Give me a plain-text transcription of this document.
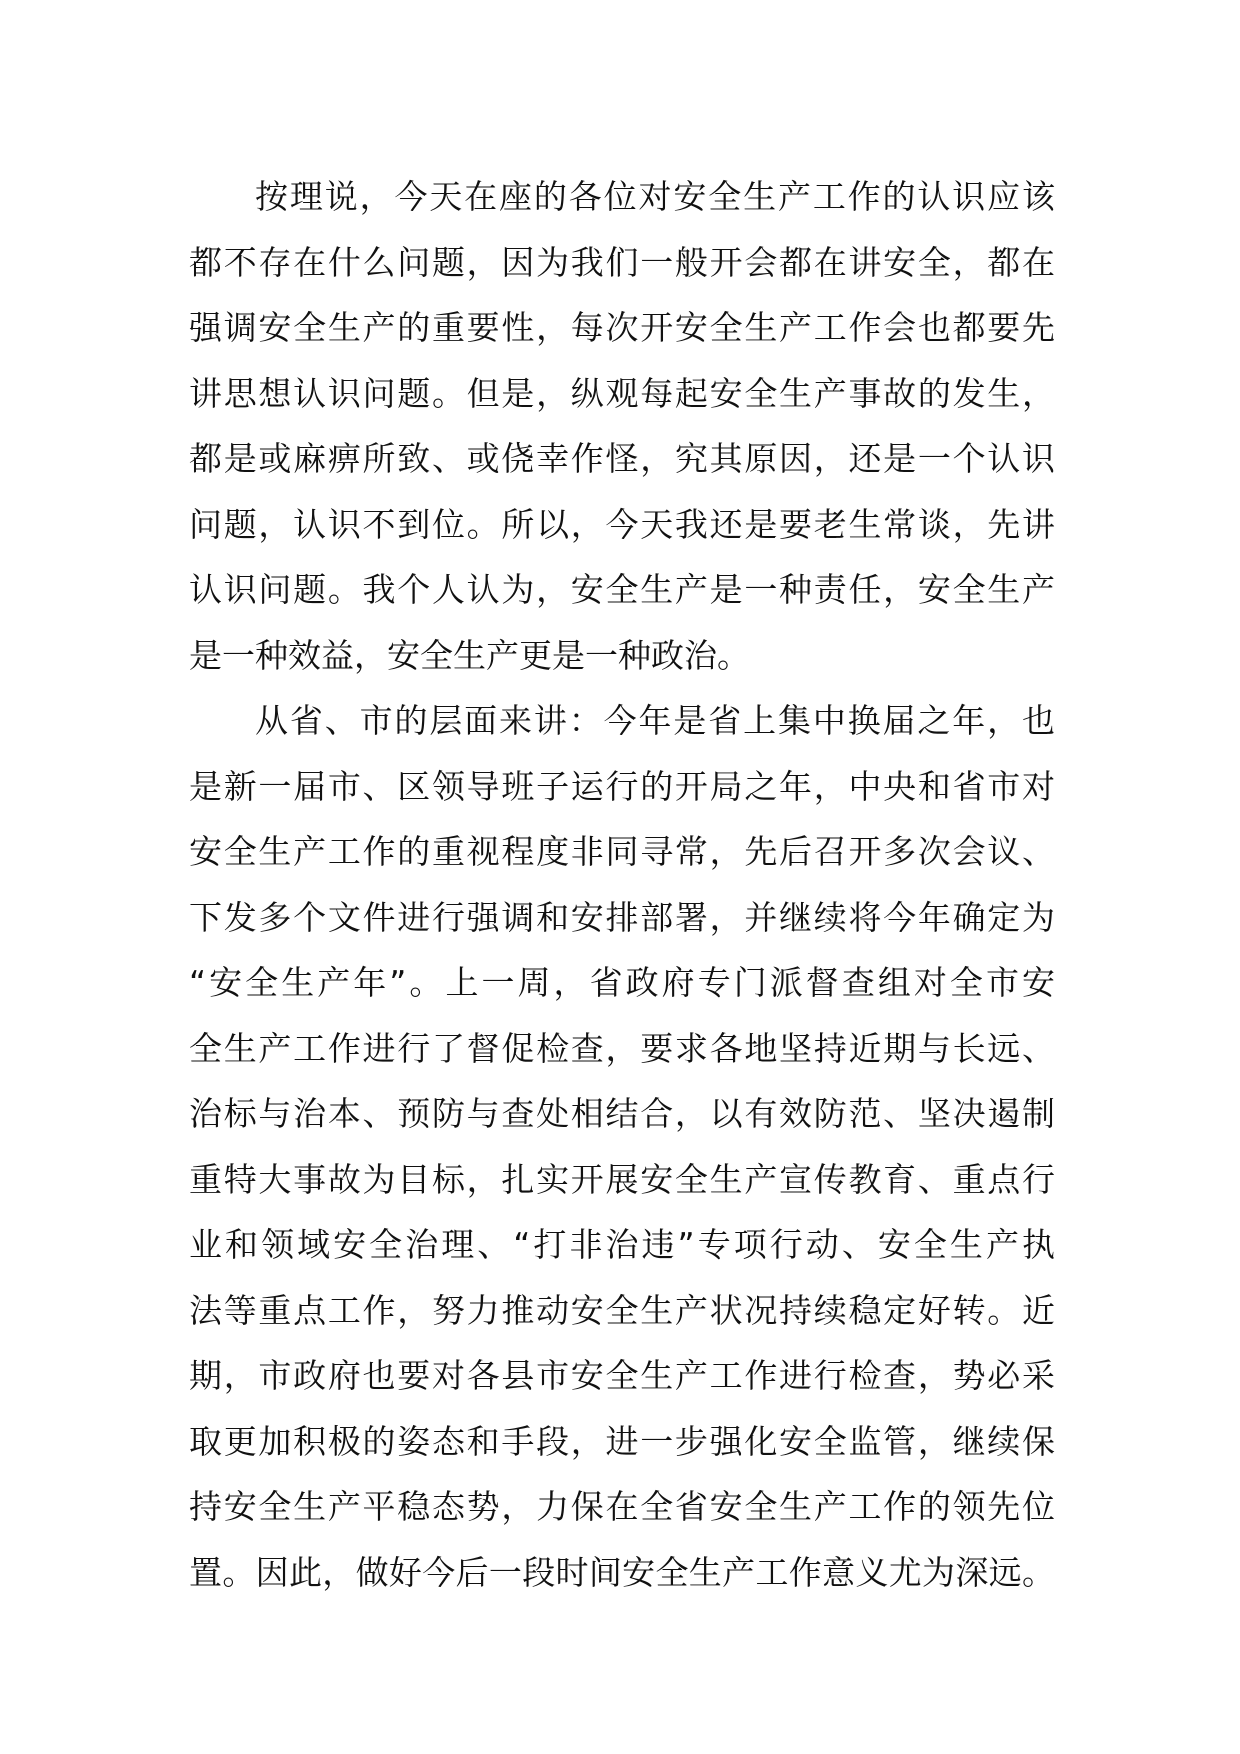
按理说，今天在座的各位对安全生产工作的认识应该
都不存在什么问题，因为我们一般开会都在讲安全，都在
强调安全生产的重要性，每次开安全生产工作会也都要先
讲思想认识问题。但是，纵观每起安全生产事故的发生，
都是或麻痹所致、或侥幸作怪，究其原因，还是一个认识
问题，认识不到位。所以，今天我还是要老生常谈，先讲
认识问题。我个人认为，安全生产是一种责任，安全生产
是一种效益，安全生产更是一种政治。

从省、市的层面来讲：今年是省上集中换届之年，也
是新一届市、区领导班子运行的开局之年，中央和省市对
安全生产工作的重视程度非同寻常，先后召开多次会议、
下发多个文件进行强调和安排部署，并继续将今年确定为
“安全生产年”。上一周，省政府专门派督查组对全市安
全生产工作进行了督促检查，要求各地坚持近期与长远、
治标与治本、预防与查处相结合，以有效防范、坚决遏制
重特大事故为目标，扎实开展安全生产宣传教育、重点行
业和领域安全治理、“打非治违”专项行动、安全生产执
法等重点工作，努力推动安全生产状况持续稳定好转。近
期，市政府也要对各县市安全生产工作进行检查，势必采
取更加积极的姿态和手段，进一步强化安全监管，继续保
持安全生产平稳态势，力保在全省安全生产工作的领先位
置。因此，做好今后一段时间安全生产工作意义尤为深远。
